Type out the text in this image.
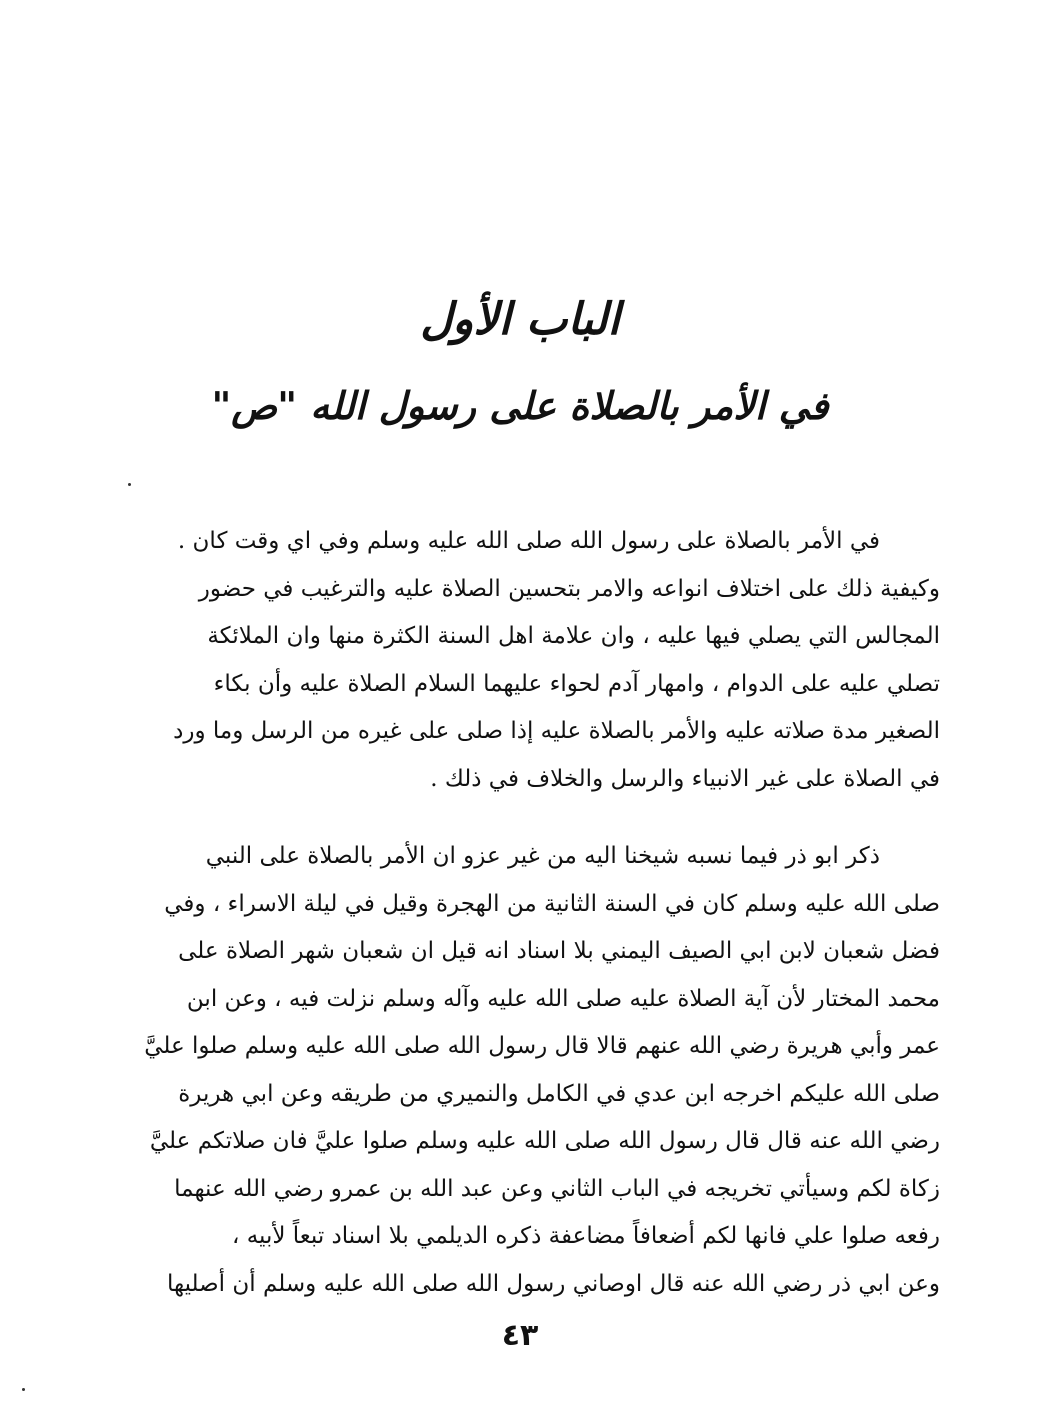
الباب الأول
في الأمر بالصلاة على رسول الله "ص"
في الأمر بالصلاة على رسول الله صلى الله عليه وسلم وفي اي وقت كان .
وكيفية ذلك على اختلاف انواعه والامر بتحسين الصلاة عليه والترغيب في حضور
المجالس التي يصلي فيها عليه ، وان علامة اهل السنة الكثرة منها وان الملائكة
تصلي عليه على الدوام ، وامهار آدم لحواء عليهما السلام الصلاة عليه وأن بكاء
الصغير مدة صلاته عليه والأمر بالصلاة عليه إذا صلى على غيره من الرسل وما ورد
في الصلاة على غير الانبياء والرسل والخلاف في ذلك .
ذكر ابو ذر فيما نسبه شيخنا اليه من غير عزو ان الأمر بالصلاة على النبي
صلى الله عليه وسلم كان في السنة الثانية من الهجرة وقيل في ليلة الاسراء ، وفي
فضل شعبان لابن ابي الصيف اليمني بلا اسناد انه قيل ان شعبان شهر الصلاة على
محمد المختار لأن آية الصلاة عليه صلى الله عليه وآله وسلم نزلت فيه ، وعن ابن
عمر وأبي هريرة رضي الله عنهم قالا قال رسول الله صلى الله عليه وسلم صلوا عليَّ
صلى الله عليكم اخرجه ابن عدي في الكامل والنميري من طريقه وعن ابي هريرة
رضي الله عنه قال قال رسول الله صلى الله عليه وسلم صلوا عليَّ فان صلاتكم عليَّ
زكاة لكم وسيأتي تخريجه في الباب الثاني وعن عبد الله بن عمرو رضي الله عنهما
رفعه صلوا علي فانها لكم أضعافاً مضاعفة ذكره الديلمي بلا اسناد تبعاً لأبيه ،
وعن ابي ذر رضي الله عنه قال اوصاني رسول الله صلى الله عليه وسلم أن أصليها
٤٣
